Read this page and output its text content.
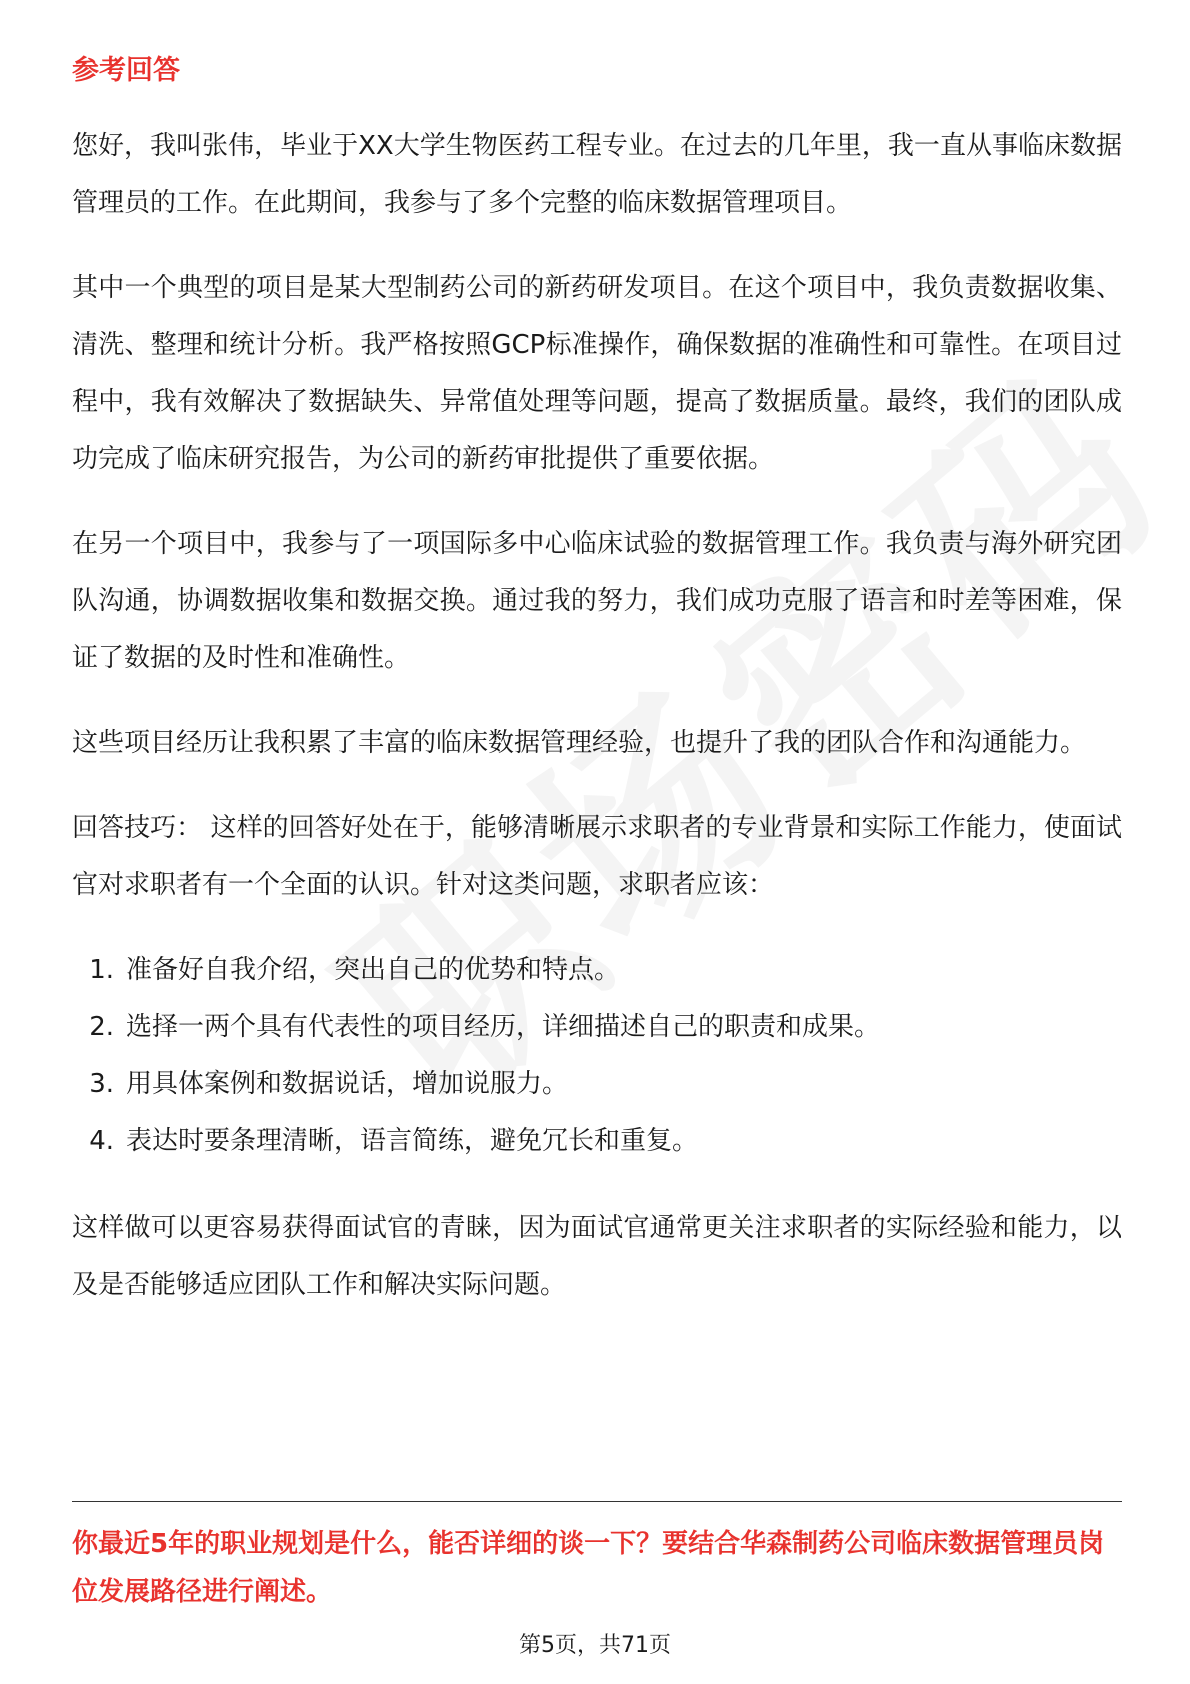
参考回答

您好，我叫张伟，毕业于XX大学生物医药工程专业。在过去的几年里，我一直从事临床数据管理员的工作。在此期间，我参与了多个完整的临床数据管理项目。

其中一个典型的项目是某大型制药公司的新药研发项目。在这个项目中，我负责数据收集、清洗、整理和统计分析。我严格按照GCP标准操作，确保数据的准确性和可靠性。在项目过程中，我有效解决了数据缺失、异常值处理等问题，提高了数据质量。最终，我们的团队成功完成了临床研究报告，为公司的新药审批提供了重要依据。

在另一个项目中，我参与了一项国际多中心临床试验的数据管理工作。我负责与海外研究团队沟通，协调数据收集和数据交换。通过我的努力，我们成功克服了语言和时差等困难，保证了数据的及时性和准确性。

这些项目经历让我积累了丰富的临床数据管理经验，也提升了我的团队合作和沟通能力。

回答技巧： 这样的回答好处在于，能够清晰展示求职者的专业背景和实际工作能力，使面试官对求职者有一个全面的认识。针对这类问题，求职者应该：

1. 准备好自我介绍，突出自己的优势和特点。
2. 选择一两个具有代表性的项目经历，详细描述自己的职责和成果。
3. 用具体案例和数据说话，增加说服力。
4. 表达时要条理清晰，语言简练，避免冗长和重复。

这样做可以更容易获得面试官的青睐，因为面试官通常更关注求职者的实际经验和能力，以及是否能够适应团队工作和解决实际问题。

你最近5年的职业规划是什么，能否详细的谈一下？要结合华森制药公司临床数据管理员岗位发展路径进行阐述。
第5页，共71页
